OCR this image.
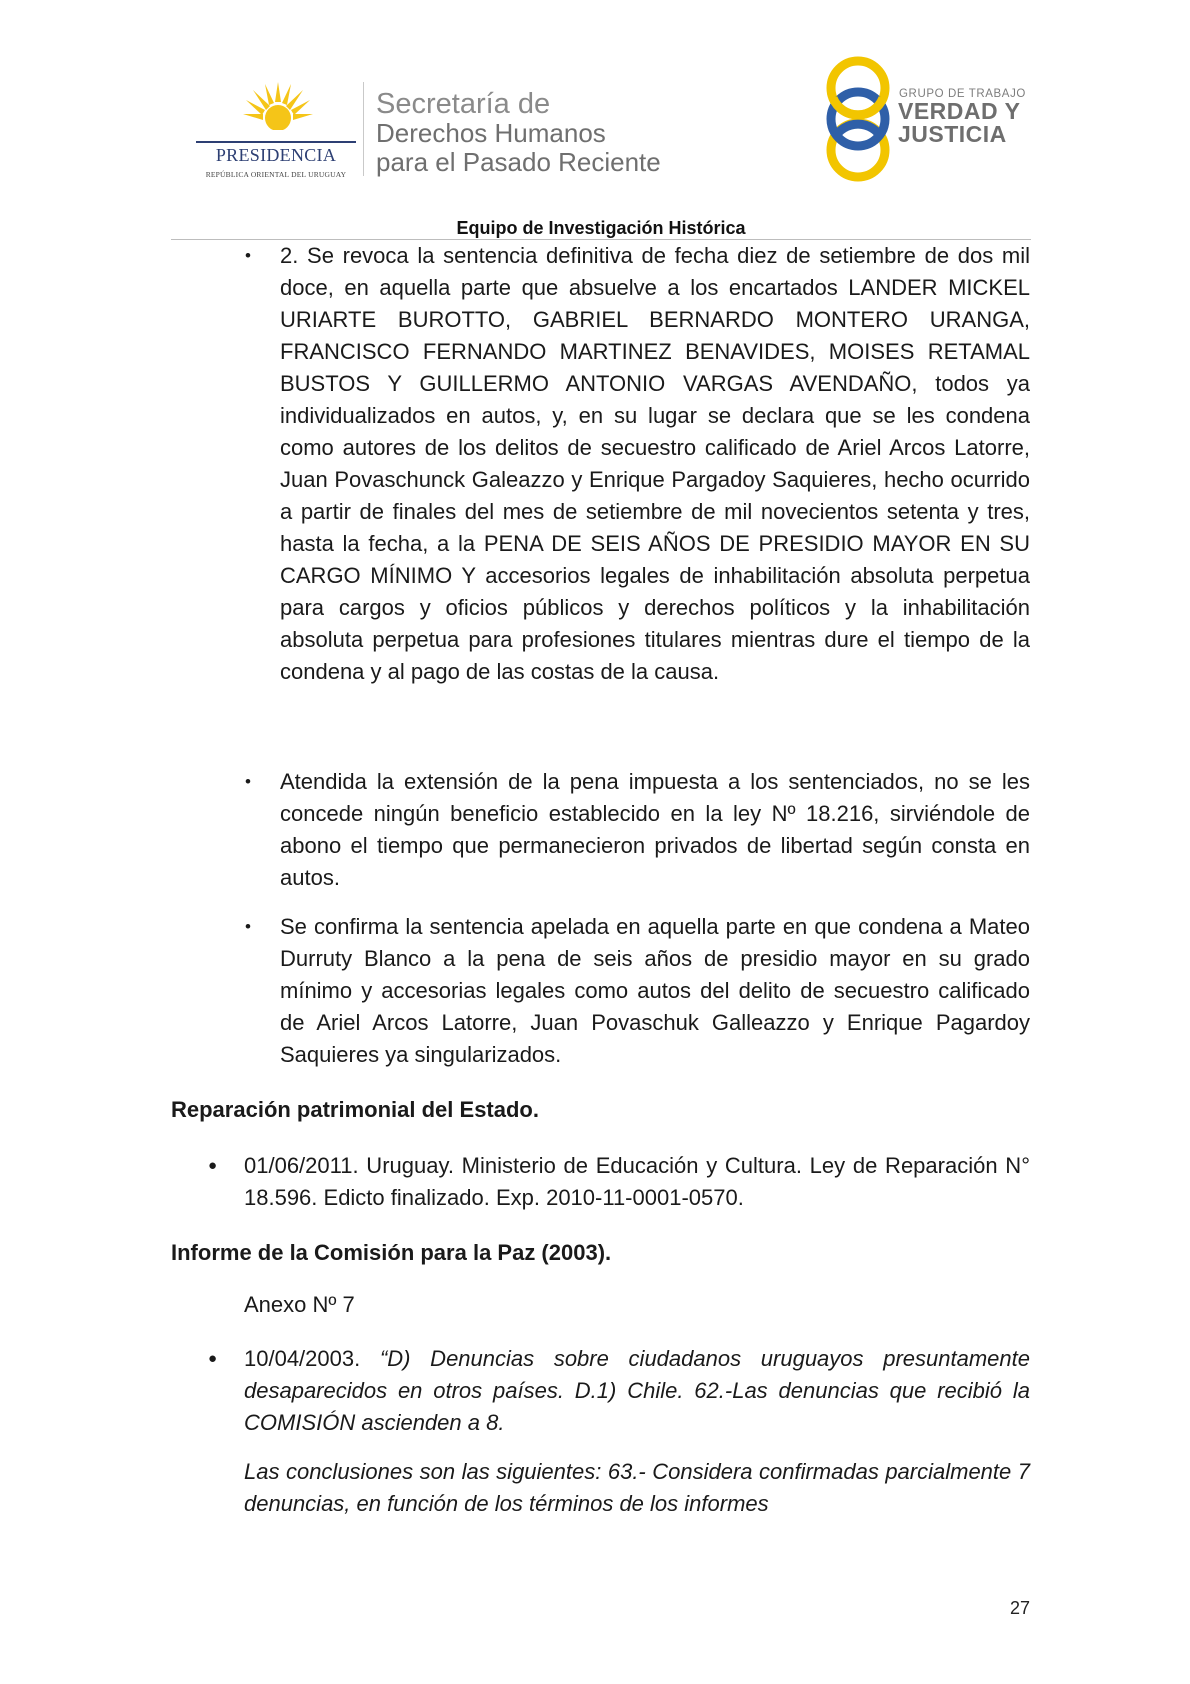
PRESIDENCIA
REPÚBLICA ORIENTAL DEL URUGUAY
Secretaría de
Derechos Humanos
para el Pasado Reciente
GRUPO DE TRABAJO
VERDAD Y
JUSTICIA
Equipo de Investigación Histórica
• 2. Se revoca la sentencia definitiva de fecha diez de setiembre de dos mil doce, en aquella parte que absuelve a los encartados LANDER MICKEL URIARTE BUROTTO, GABRIEL BERNARDO MONTERO URANGA, FRANCISCO FERNANDO MARTINEZ BENAVIDES, MOISES RETAMAL BUSTOS Y GUILLERMO ANTONIO VARGAS AVENDAÑO, todos ya individualizados en autos, y, en su lugar se declara que se les condena como autores de los delitos de secuestro calificado de Ariel Arcos Latorre, Juan Povaschunck Galeazzo y Enrique Pargadoy Saquieres, hecho ocurrido a partir de finales del mes de setiembre de mil novecientos setenta y tres, hasta la fecha, a la PENA DE SEIS AÑOS DE PRESIDIO MAYOR EN SU CARGO MÍNIMO Y accesorios legales de inhabilitación absoluta perpetua para cargos y oficios públicos y derechos políticos y la inhabilitación absoluta perpetua para profesiones titulares mientras dure el tiempo de la condena y al pago de las costas de la causa.
• Atendida la extensión de la pena impuesta a los sentenciados, no se les concede ningún beneficio establecido en la ley Nº 18.216, sirviéndole de abono el tiempo que permanecieron privados de libertad según consta en autos.
• Se confirma la sentencia apelada en aquella parte en que condena a Mateo Durruty Blanco a la pena de seis años de presidio mayor en su grado mínimo y accesorias legales como autos del delito de secuestro calificado de Ariel Arcos Latorre, Juan Povaschuk Galleazzo y Enrique Pagardoy Saquieres ya singularizados.
Reparación patrimonial del Estado.
● 01/06/2011. Uruguay. Ministerio de Educación y Cultura. Ley de Reparación N° 18.596. Edicto finalizado. Exp. 2010-11-0001-0570.
Informe de la Comisión para la Paz (2003).
Anexo Nº 7
● 10/04/2003. “D) Denuncias sobre ciudadanos uruguayos presuntamente desaparecidos en otros países. D.1) Chile. 62.-Las denuncias que recibió la COMISIÓN ascienden a 8.
Las conclusiones son las siguientes: 63.- Considera confirmadas parcialmente 7 denuncias, en función de los términos de los informes
27
